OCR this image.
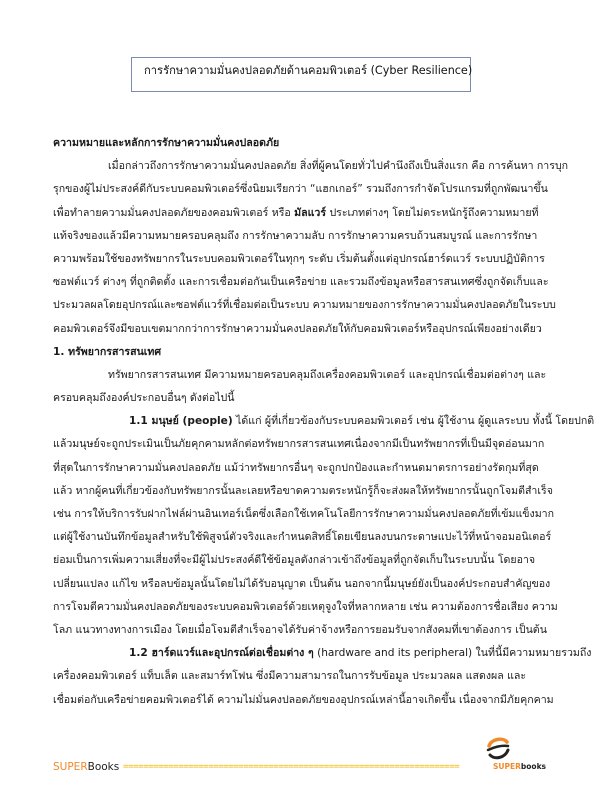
การรักษาความมั่นคงปลอดภัยด้านคอมพิวเตอร์ (Cyber Resilience)
ความหมายและหลักการรักษาความมั่นคงปลอดภัย
เมื่อกล่าวถึงการรักษาความมั่นคงปลอดภัย สิ่งที่ผู้คนโดยทั่วไปคำนึงถึงเป็นสิ่งแรก คือ การค้นหา การบุก
รุกของผู้ไม่ประสงค์ดีกับระบบคอมพิวเตอร์ซึ่งนิยมเรียกว่า “แฮกเกอร์” รวมถึงการกำจัดโปรแกรมที่ถูกพัฒนาขึ้น
เพื่อทำลายความมั่นคงปลอดภัยของคอมพิวเตอร์ หรือ มัลแวร์ ประเภทต่างๆ โดยไม่ตระหนักรู้ถึงความหมายที่
แท้จริงของแล้วมีความหมายครอบคลุมถึง การรักษาความลับ การรักษาความครบถ้วนสมบูรณ์ และการรักษา
ความพร้อมใช้ของทรัพยากรในระบบคอมพิวเตอร์ในทุกๆ ระดับ เริ่มต้นตั้งแต่อุปกรณ์ฮาร์ดแวร์ ระบบปฏิบัติการ
ซอฟต์แวร์ ต่างๆ ที่ถูกติดตั้ง และการเชื่อมต่อกันเป็นเครือข่าย และรวมถึงข้อมูลหรือสารสนเทศซึ่งถูกจัดเก็บและ
ประมวลผลโดยอุปกรณ์และซอฟต์แวร์ที่เชื่อมต่อเป็นระบบ ความหมายของการรักษาความมั่นคงปลอดภัยในระบบ
คอมพิวเตอร์จึงมีขอบเขตมากกว่าการรักษาความมั่นคงปลอดภัยให้กับคอมพิวเตอร์หรืออุปกรณ์เพียงอย่างเดียว
1. ทรัพยากรสารสนเทศ
ทรัพยากรสารสนเทศ มีความหมายครอบคลุมถึงเครื่องคอมพิวเตอร์ และอุปกรณ์เชื่อมต่อต่างๆ และ
ครอบคลุมถึงองค์ประกอบอื่นๆ ดังต่อไปนี้
1.1 มนุษย์ (people) ได้แก่ ผู้ที่เกี่ยวข้องกับระบบคอมพิวเตอร์ เช่น ผู้ใช้งาน ผู้ดูแลระบบ ทั้งนี้ โดยปกติ
แล้วมนุษย์จะถูกประเมินเป็นภัยคุกคามหลักต่อทรัพยากรสารสนเทศเนื่องจากมีเป็นทรัพยากรที่เป็นมีจุดอ่อนมาก
ที่สุดในการรักษาความมั่นคงปลอดภัย แม้ว่าทรัพยากรอื่นๆ จะถูกปกป้องและกำหนดมาตรการอย่างรัดกุมที่สุด
แล้ว หากผู้คนที่เกี่ยวข้องกับทรัพยากรนั้นละเลยหรือขาดความตระหนักรู้ก็จะส่งผลให้ทรัพยากรนั้นถูกโจมตีสำเร็จ
เช่น การให้บริการรับฝากไฟล์ผ่านอินเทอร์เน็ตซึ่งเลือกใช้เทคโนโลยีการรักษาความมั่นคงปลอดภัยที่เข้มแข็งมาก
แต่ผู้ใช้งานบันทึกข้อมูลสำหรับใช้พิสูจน์ตัวจริงและกำหนดสิทธิ์โดยเขียนลงบนกระดาษแปะไว้ที่หน้าจอมอนิเตอร์
ย่อมเป็นการเพิ่มความเสี่ยงที่จะมีผู้ไม่ประสงค์ดีใช้ข้อมูลดังกล่าวเข้าถึงข้อมูลที่ถูกจัดเก็บในระบบนั้น โดยอาจ
เปลี่ยนแปลง แก้ไข หรือลบข้อมูลนั้นโดยไม่ได้รับอนุญาต เป็นต้น นอกจากนี้มนุษย์ยังเป็นองค์ประกอบสำคัญของ
การโจมตีความมั่นคงปลอดภัยของระบบคอมพิวเตอร์ด้วยเหตุจูงใจที่หลากหลาย เช่น ความต้องการชื่อเสียง ความ
โลภ แนวทางทางการเมือง โดยเมื่อโจมตีสำเร็จอาจได้รับค่าจ้างหรือการยอมรับจากสังคมที่เขาต้องการ เป็นต้น
1.2 ฮาร์ดแวร์และอุปกรณ์ต่อเชื่อมต่าง ๆ (hardware and its peripheral) ในที่นี้มีความหมายรวมถึง
เครื่องคอมพิวเตอร์ แท็บเล็ต และสมาร์ทโฟน ซึ่งมีความสามารถในการรับข้อมูล ประมวลผล แสดงผล และ
เชื่อมต่อกับเครือข่ายคอมพิวเตอร์ได้ ความไม่มั่นคงปลอดภัยของอุปกรณ์เหล่านี้อาจเกิดขึ้น เนื่องจากมีภัยคุกคาม
SUPERBooks ===================================================================	SUPERbooks
